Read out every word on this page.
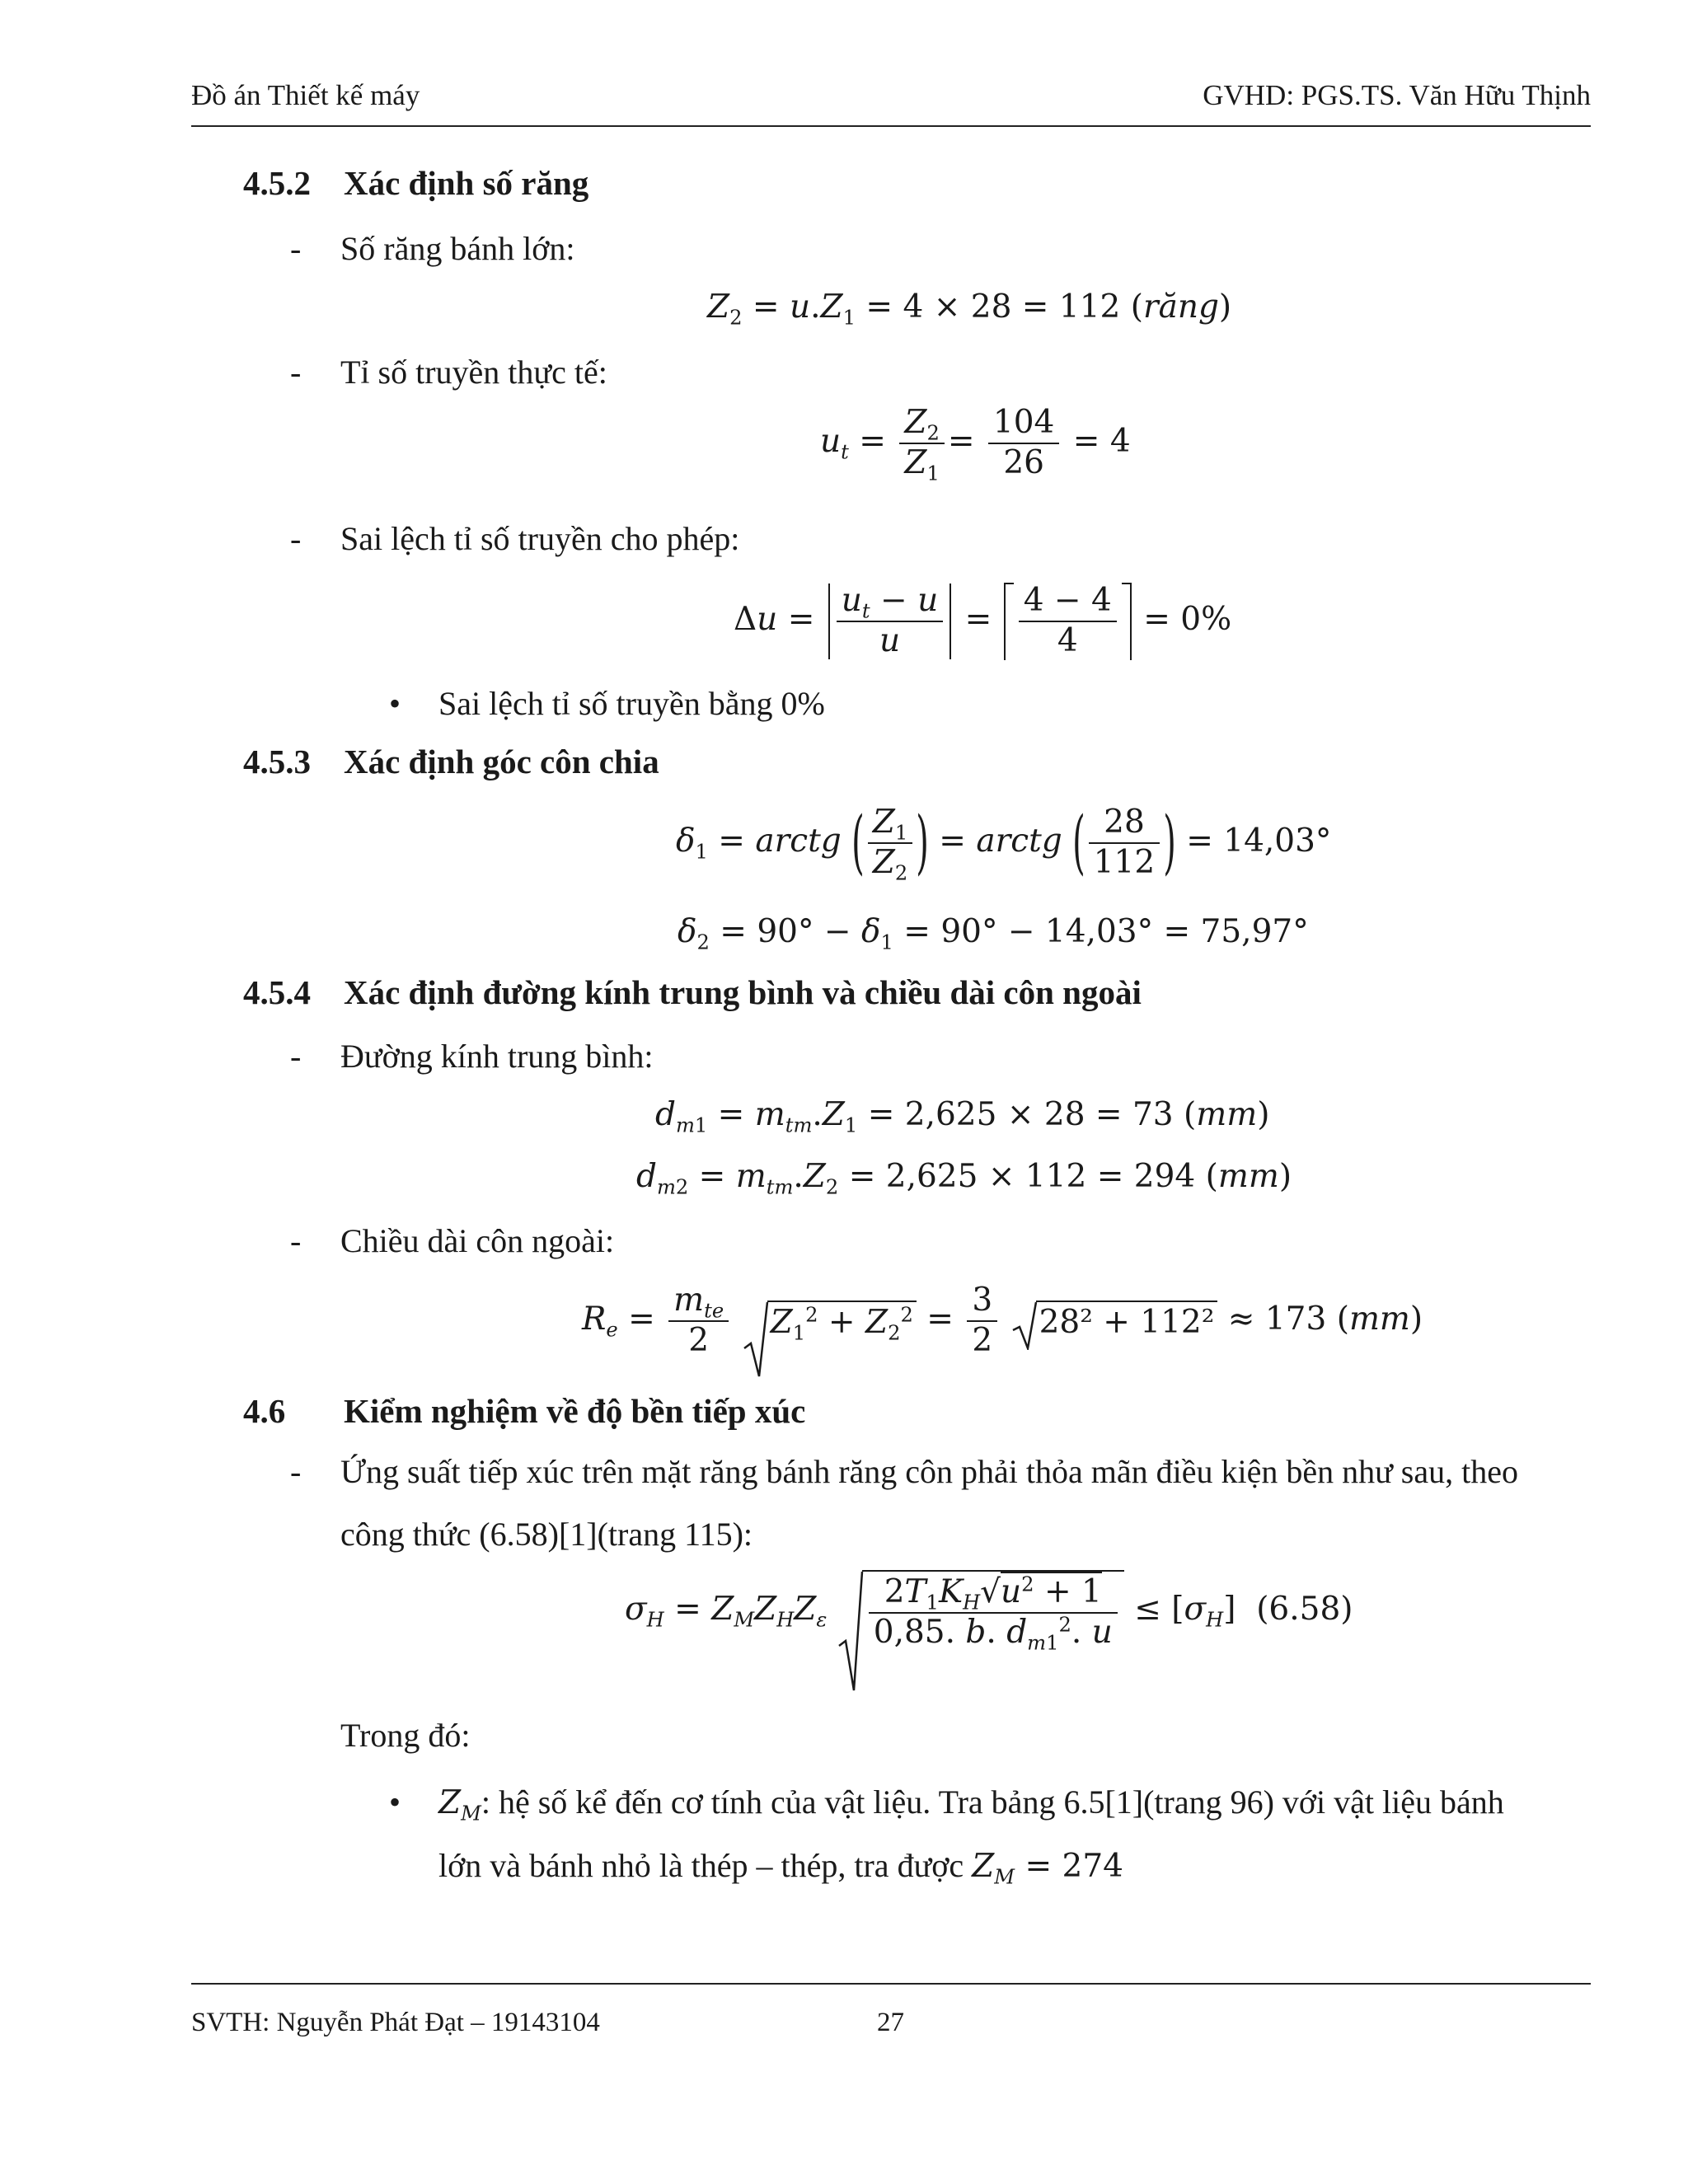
Đồ án Thiết kế máy	GVHD: PGS.TS. Văn Hữu Thịnh
4.5.2 Xác định số răng
- Số răng bánh lớn:
$Z_2 = u.Z_1 = 4 \times 28 = 112$ (răng)
- Tỉ số truyền thực tế:
$u_t = \frac{Z_2}{Z_1} = \frac{104}{26} = 4$
- Sai lệch tỉ số truyền cho phép:
$\Delta u = \frac{u_t - u}{u} = \frac{4 - 4}{4} = 0\%$
• Sai lệch tỉ số truyền bằng 0%
4.5.3 Xác định góc côn chia
$\delta_1$ = arctg ( $\frac{Z_1}{Z_2}$ ) = arctg ( $\frac{28}{112}$ ) = 14,03°
$\delta_2 = 90^\circ - \delta_1 = 90^\circ - 14,03^\circ = 75,97^\circ$
4.5.4 Xác định đường kính trung bình và chiều dài côn ngoài
- Đường kính trung bình:
$d_{m1} = m_{tm}.Z_1 = 2,625 \times 28 = 73$ (mm)
$d_{m2} = m_{tm}.Z_2 = 2,625 \times 112 = 294$ (mm)
- Chiều dài côn ngoài:
$R_e = \frac{m_{te}}{2}$
$Z_1^2 + Z_2^2 = \frac{3}{2}$
28² + 112² ≈ 173 (mm)
4.6 Kiểm nghiệm về độ bền tiếp xúc
- Ứng suất tiếp xúc trên mặt răng bánh răng côn phải thỏa mãn điều kiện bền như sau, theo
công thức (6.58)[1](trang 115):
$\sigma_H = Z_MZ_HZ_\varepsilon \frac{2T_1K_H√u^2 + 1}{0,85. b. d_{m1}^2. u} \le [\sigma_H]$ (6.58)
Trong đó:
• $Z_M$: hệ số kể đến cơ tính của vật liệu. Tra bảng 6.5[1](trang 96) với vật liệu bánh
lớn và bánh nhỏ là thép – thép, tra được $Z_M = 274$
SVTH: Nguyễn Phát Đạt – 19143104	27
